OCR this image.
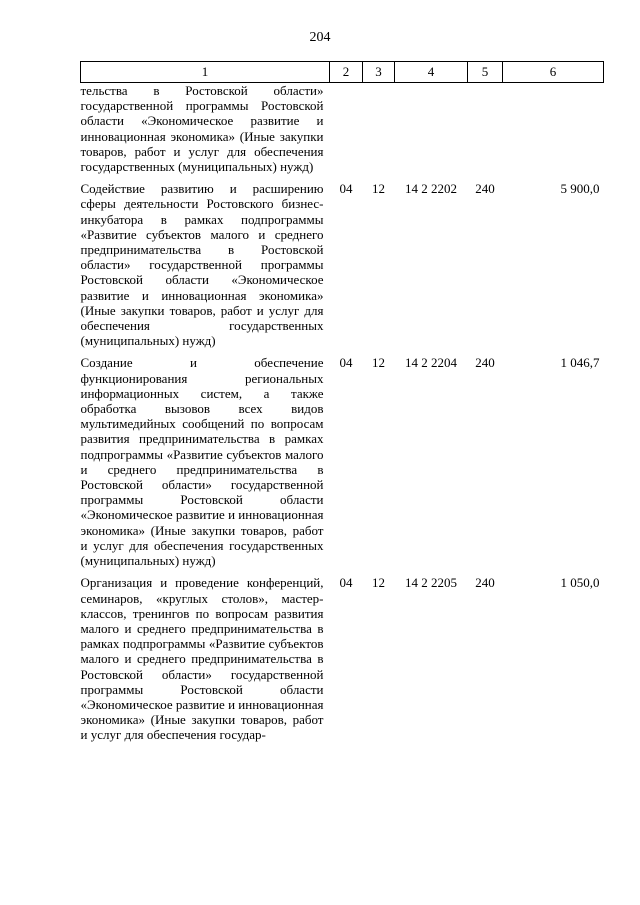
204
1	2	3	4	5	6
тельства в Ростовской области» государственной программы Ростовской области «Экономическое развитие и инновационная экономика» (Иные закупки товаров, работ и услуг для обеспечения государственных (муниципальных) нужд)					

Содействие развитию и расширению сферы деятельности Ростовского бизнес-инкубатора в рамках подпрограммы «Развитие субъектов малого и среднего предпринимательства в Ростовской области» государственной программы Ростовской области «Экономическое развитие и инновационная экономика» (Иные закупки товаров, работ и услуг для обеспечения государственных (муниципальных) нужд)	04	12	14 2 2202	240	5 900,0

Создание и обеспечение функционирования региональных информационных систем, а также обработка вызовов всех видов мультимедийных сообщений по вопросам развития предпринимательства в рамках подпрограммы «Развитие субъектов малого и среднего предпринимательства в Ростовской области» государственной программы Ростовской области «Экономическое развитие и инновационная экономика» (Иные закупки товаров, работ и услуг для обеспечения государственных (муниципальных) нужд)	04	12	14 2 2204	240	1 046,7

Организация и проведение конференций, семинаров, «круглых столов», мастер-классов, тренингов по вопросам развития малого и среднего предпринимательства в рамках подпрограммы «Развитие субъектов малого и среднего предпринимательства в Ростовской области» государственной программы Ростовской области «Экономическое развитие и инновационная экономика» (Иные закупки товаров, работ и услуг для обеспечения государ-	04	12	14 2 2205	240	1 050,0
